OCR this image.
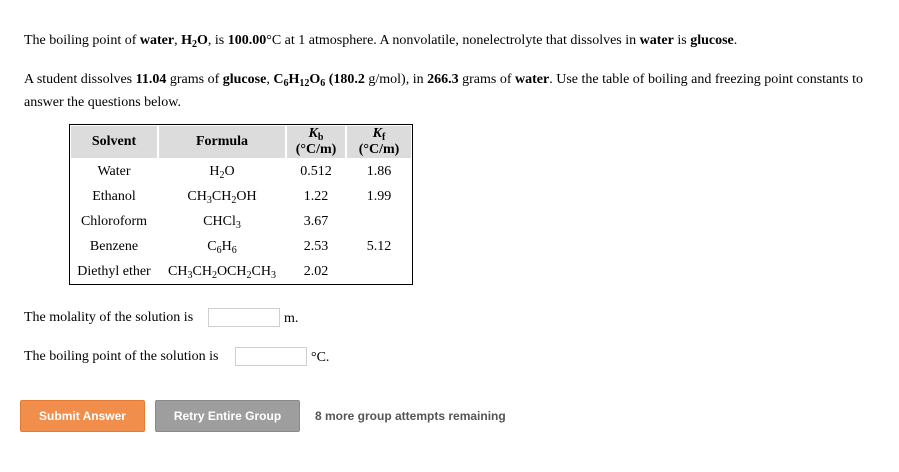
The boiling point of water, $H_2O$, is 100.00°C at 1 atmosphere. A nonvolatile, nonelectrolyte that dissolves in water is glucose.
A student dissolves 11.04 grams of glucose, $C_6H_{12}O_6$ (180.2 g/mol), in 266.3 grams of water. Use the table of boiling and freezing point constants to answer the questions below.
Solvent	Formula	$K_b$ (°C/m)	$K_f$ (°C/m)
Water	$H_2O$	0.512	1.86
Ethanol	$CH_3CH_2OH$	1.22	1.99
Chloroform	CHCl$_3$	3.67	
Benzene	$C_6H_6$	2.53	5.12
Diethyl ether	$CH_3CH_2OCH_2CH_3$	2.02	
The molality of the solution is	m.
The boiling point of the solution is	°C.
Submit Answer	Retry Entire Group	8 more group attempts remaining
